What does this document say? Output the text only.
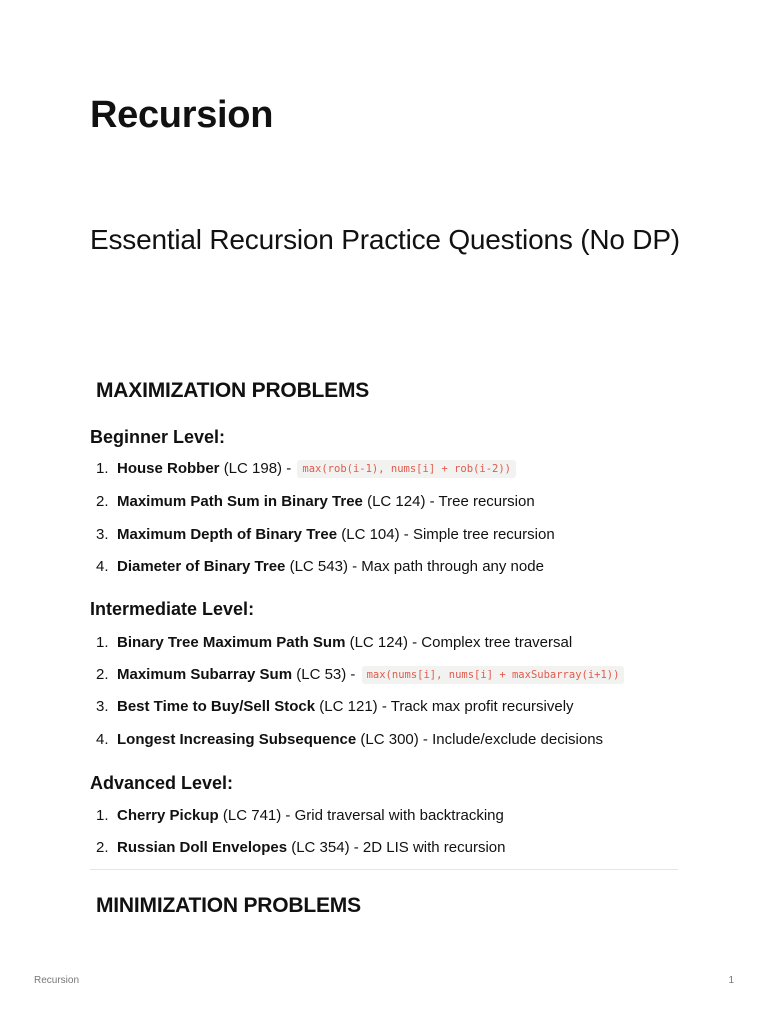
Recursion
Essential Recursion Practice Questions (No DP)
MAXIMIZATION PROBLEMS
Beginner Level:
1. House Robber (LC 198) - max(rob(i-1), nums[i] + rob(i-2))
2. Maximum Path Sum in Binary Tree (LC 124) - Tree recursion
3. Maximum Depth of Binary Tree (LC 104) - Simple tree recursion
4. Diameter of Binary Tree (LC 543) - Max path through any node
Intermediate Level:
1. Binary Tree Maximum Path Sum (LC 124) - Complex tree traversal
2. Maximum Subarray Sum (LC 53) - max(nums[i], nums[i] + maxSubarray(i+1))
3. Best Time to Buy/Sell Stock (LC 121) - Track max profit recursively
4. Longest Increasing Subsequence (LC 300) - Include/exclude decisions
Advanced Level:
1. Cherry Pickup (LC 741) - Grid traversal with backtracking
2. Russian Doll Envelopes (LC 354) - 2D LIS with recursion
MINIMIZATION PROBLEMS
Recursion	1
